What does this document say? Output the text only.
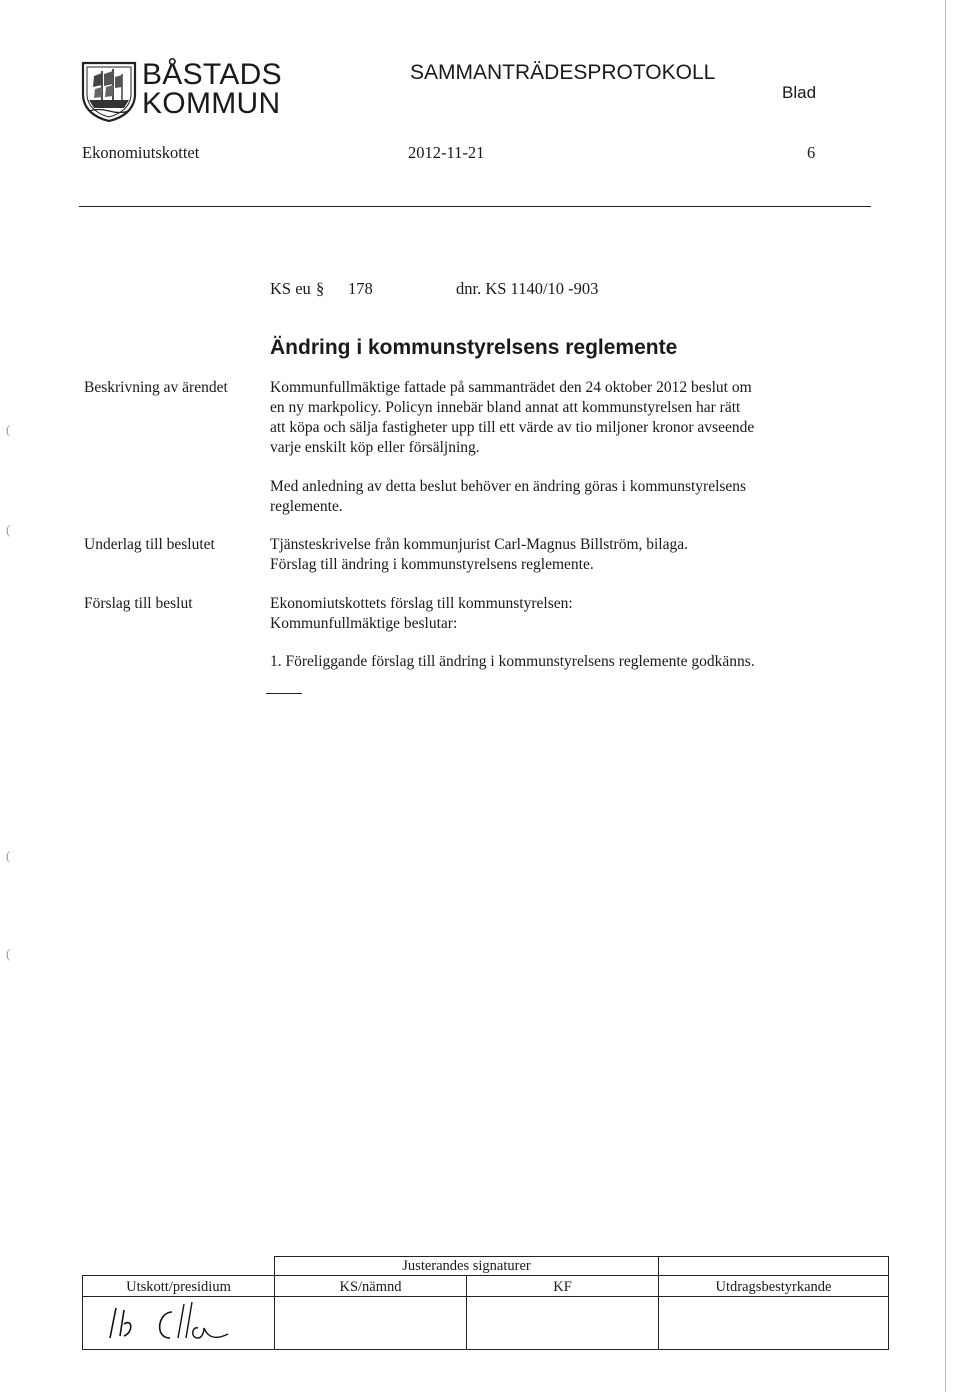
BÅSTADS
KOMMUN
SAMMANTRÄDESPROTOKOLL
Blad
Ekonomiutskottet	2012-11-21	6
KS eu § 178	dnr. KS 1140/10 -903
Ändring i kommunstyrelsens reglemente
Beskrivning av ärendet	Kommunfullmäktige fattade på sammanträdet den 24 oktober 2012 beslut om
en ny markpolicy. Policyn innebär bland annat att kommunstyrelsen har rätt
att köpa och sälja fastigheter upp till ett värde av tio miljoner kronor avseende
varje enskilt köp eller försäljning.
Med anledning av detta beslut behöver en ändring göras i kommunstyrelsens
reglemente.
Underlag till beslutet	Tjänsteskrivelse från kommunjurist Carl-Magnus Billström, bilaga.
Förslag till ändring i kommunstyrelsens reglemente.
Förslag till beslut	Ekonomiutskottets förslag till kommunstyrelsen:
Kommunfullmäktige beslutar:
1. Föreliggande förslag till ändring i kommunstyrelsens reglemente godkänns.
(
(
(
(
	Justerandes signaturer		
Utskott/presidium	KS/nämnd	KF	Utdragsbestyrkande
